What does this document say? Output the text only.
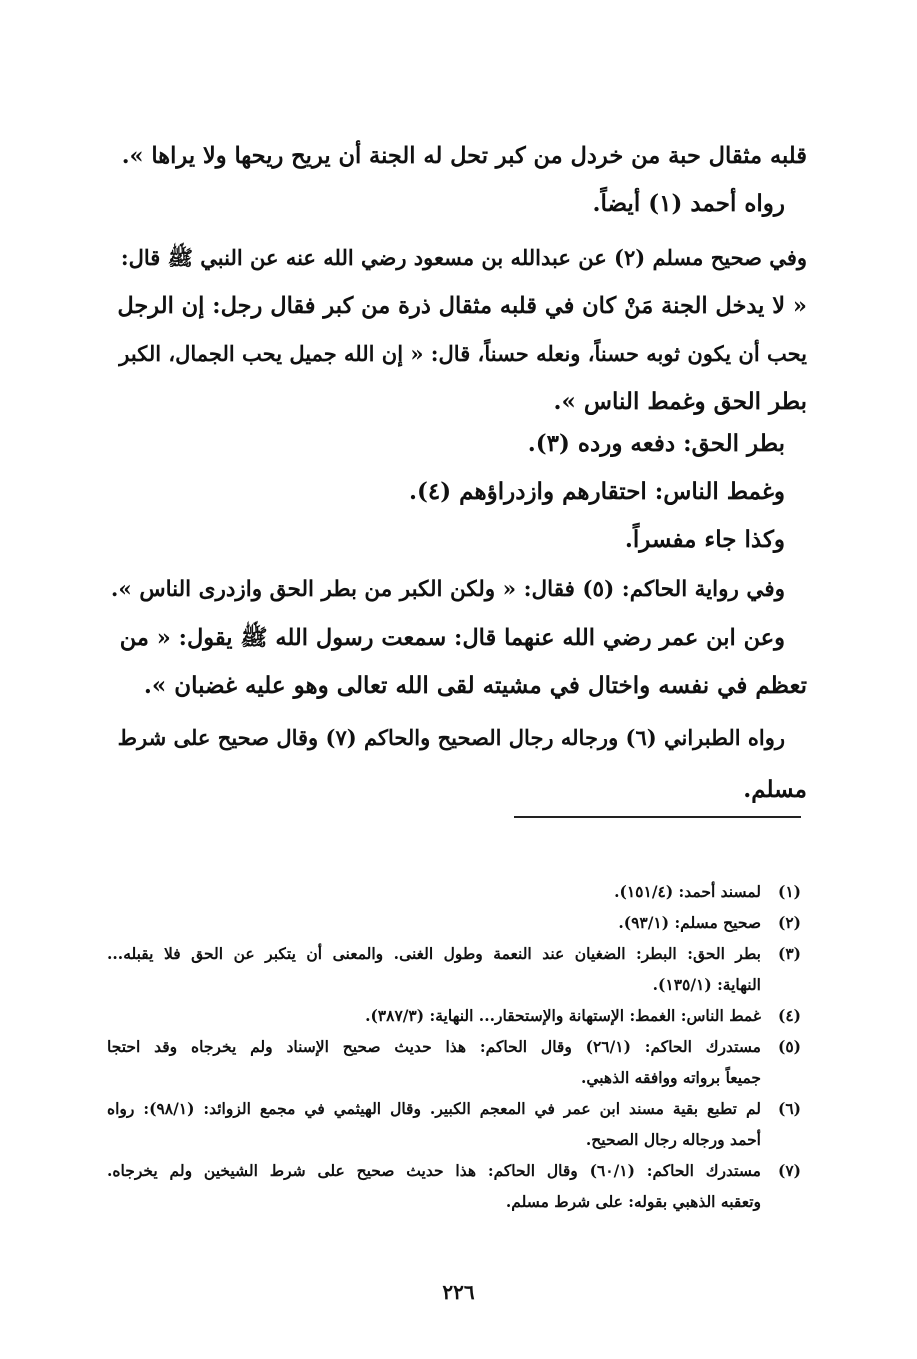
قلبه مثقال حبة من خردل من كبر تحل له الجنة أن يريح ريحها ولا يراها ».
رواه أحمد (١) أيضاً.
وفي صحيح مسلم (٢) عن عبدالله بن مسعود رضي الله عنه عن النبي ﷺ قال:
« لا يدخل الجنة مَنْ كان في قلبه مثقال ذرة من كبر فقال رجل: إن الرجل
يحب أن يكون ثوبه حسناً، ونعله حسناً، قال: « إن الله جميل يحب الجمال، الكبر
بطر الحق وغمط الناس ».
بطر الحق: دفعه ورده (٣).
وغمط الناس: احتقارهم وازدراؤهم (٤).
وكذا جاء مفسراً.
وفي رواية الحاكم: (٥) فقال: « ولكن الكبر من بطر الحق وازدرى الناس ».
وعن ابن عمر رضي الله عنهما قال: سمعت رسول الله ﷺ يقول: « من
تعظم في نفسه واختال في مشيته لقى الله تعالى وهو عليه غضبان ».
رواه الطبراني (٦) ورجاله رجال الصحيح والحاكم (٧) وقال صحيح على شرط
مسلم.
(١)
لمسند أحمد: (١٥١/٤).
(٢)
صحيح مسلم: (٩٣/١).
(٣)
بطر الحق: البطر: الضغيان عند النعمة وطول الغنى. والمعنى أن يتكبر عن الحق فلا يقبله...
النهاية: (١٣٥/١).
(٤)
غمط الناس: الغمط: الإستهانة والإستحقار... النهاية: (٣٨٧/٣).
(٥)
مستدرك الحاكم: (٢٦/١) وقال الحاكم: هذا حديث صحيح الإسناد ولم يخرجاه وقد احتجا
جميعاً برواته ووافقه الذهبي.
(٦)
لم تطبع بقية مسند ابن عمر في المعجم الكبير. وقال الهيثمي في مجمع الزوائد: (٩٨/١): رواه
أحمد ورجاله رجال الصحيح.
(٧)
مستدرك الحاكم: (٦٠/١) وقال الحاكم: هذا حديث صحيح على شرط الشيخين ولم يخرجاه.
وتعقبه الذهبي بقوله: على شرط مسلم.
٢٢٦
